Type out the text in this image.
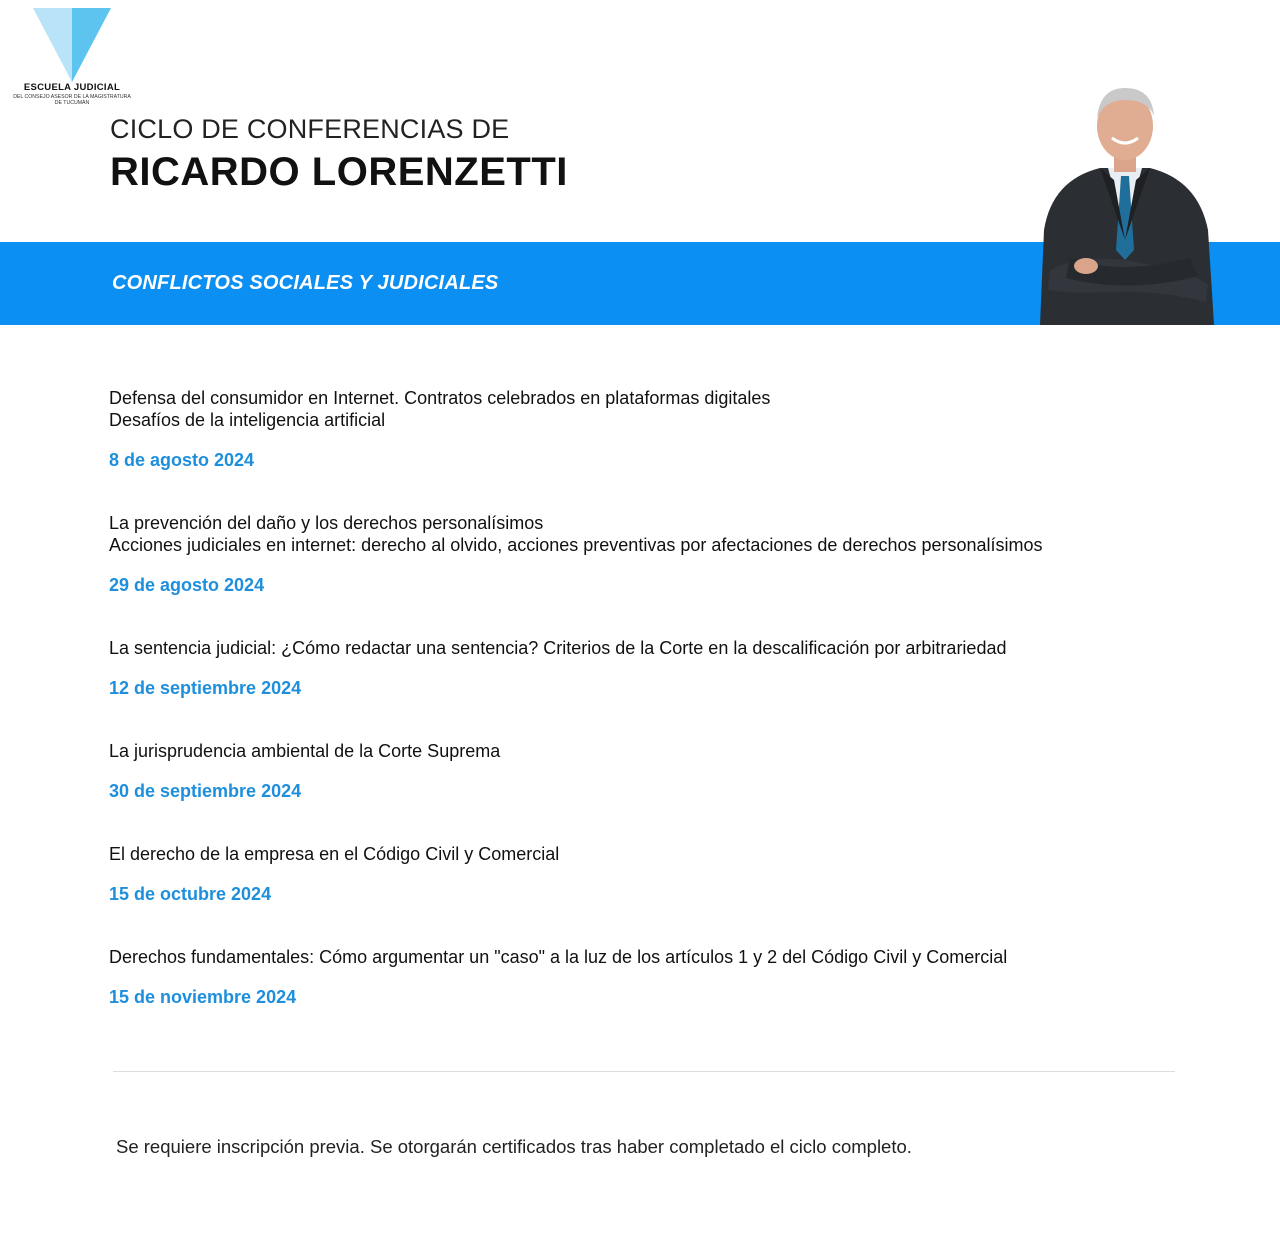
ESCUELA JUDICIAL
DEL CONSEJO ASESOR DE LA MAGISTRATURA
DE TUCUMÁN
CICLO DE CONFERENCIAS DE
RICARDO LORENZETTI
CONFLICTOS SOCIALES Y JUDICIALES
Defensa del consumidor en Internet. Contratos celebrados en plataformas digitales
Desafíos de la inteligencia artificial
8 de agosto 2024
La prevención del daño y los derechos personalísimos
Acciones judiciales en internet: derecho al olvido, acciones preventivas por afectaciones de derechos personalísimos
29 de agosto 2024
La sentencia judicial: ¿Cómo redactar una sentencia? Criterios de la Corte en la descalificación por arbitrariedad
12 de septiembre 2024
La jurisprudencia ambiental de la Corte Suprema
30 de septiembre 2024
El derecho de la empresa en el Código Civil y Comercial
15 de octubre 2024
Derechos fundamentales: Cómo argumentar un "caso" a la luz de los artículos 1 y 2 del Código Civil y Comercial
15 de noviembre 2024
Se requiere inscripción previa. Se otorgarán certificados tras haber completado el ciclo completo.
